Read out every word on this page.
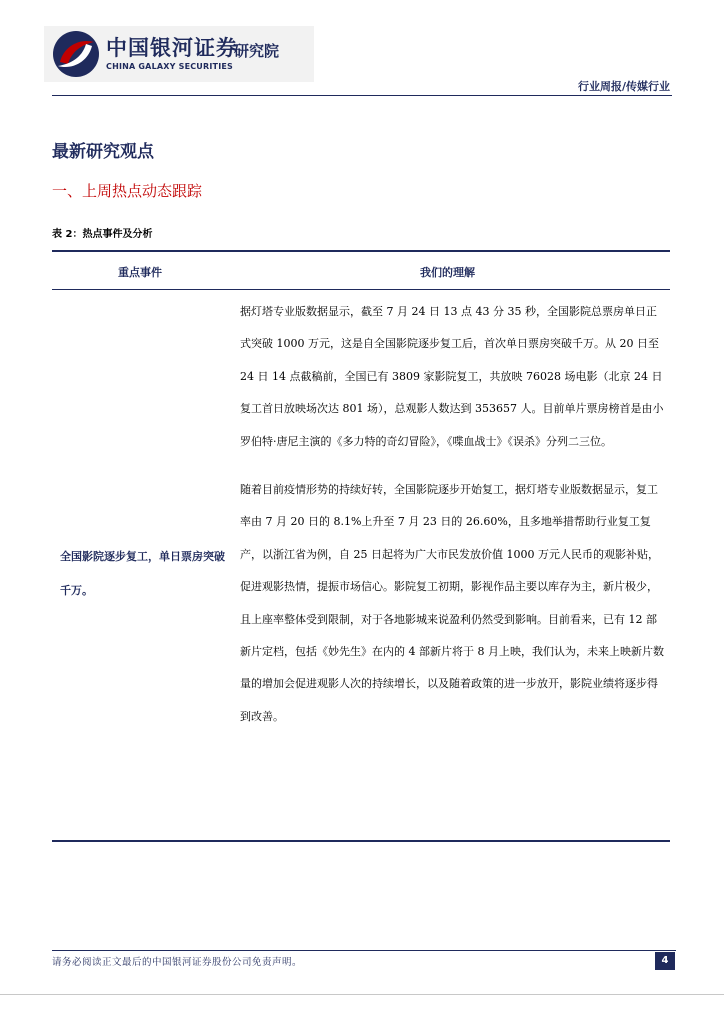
中国银河证券
研究院
CHINA GALAXY SECURITIES
行业周报/传媒行业
最新研究观点
一、上周热点动态跟踪
表 2：热点事件及分析
重点事件	我们的理解
全国影院逐步复工，单日票房突破千万。

据灯塔专业版数据显示，截至 7 月 24 日 13 点 43 分 35 秒，全国影院总票房单日正式突破 1000 万元，这是自全国影院逐步复工后，首次单日票房突破千万。从 20 日至 24 日 14 点截稿前，全国已有 3809 家影院复工，共放映 76028 场电影（北京 24 日复工首日放映场次达 801 场），总观影人数达到 353657 人。目前单片票房榜首是由小罗伯特·唐尼主演的《多力特的奇幻冒险》，《喋血战士》《误杀》分列二三位。

随着目前疫情形势的持续好转，全国影院逐步开始复工，据灯塔专业版数据显示，复工率由 7 月 20 日的 8.1%上升至 7 月 23 日的 26.60%，且多地举措帮助行业复工复产，以浙江省为例，自 25 日起将为广大市民发放价值 1000 万元人民币的观影补贴，促进观影热情，提振市场信心。影院复工初期，影视作品主要以库存为主，新片极少，且上座率整体受到限制，对于各地影城来说盈利仍然受到影响。目前看来，已有 12 部新片定档，包括《妙先生》在内的 4 部新片将于 8 月上映，我们认为，未来上映新片数量的增加会促进观影人次的持续增长，以及随着政策的进一步放开，影院业绩将逐步得到改善。

请务必阅读正文最后的中国银河证券股份公司免责声明。	4
